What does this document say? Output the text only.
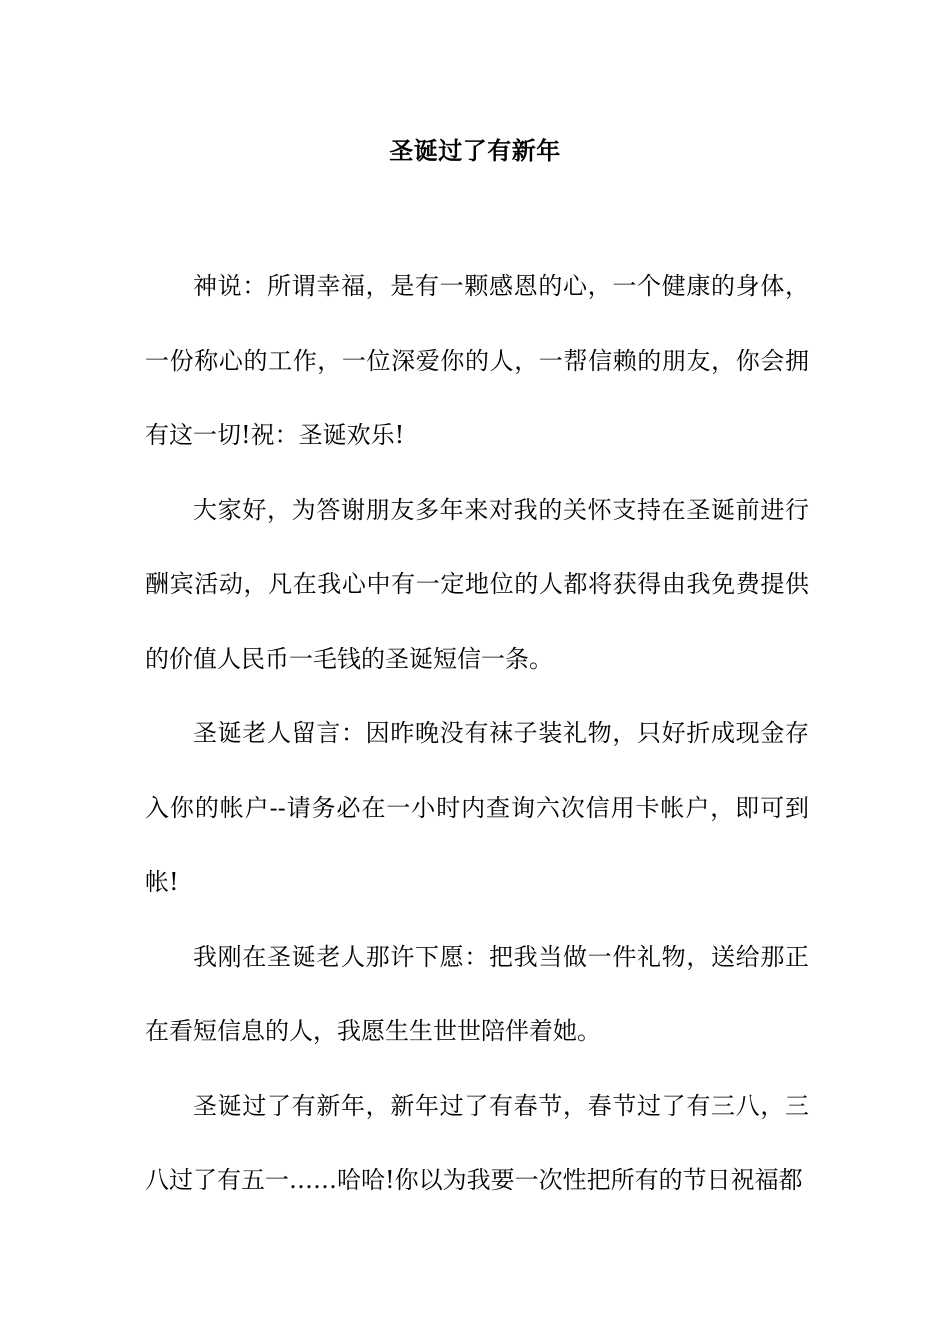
圣诞过了有新年

神说：所谓幸福，是有一颗感恩的心，一个健康的身体，一份称心的工作，一位深爱你的人，一帮信赖的朋友，你会拥有这一切!祝：圣诞欢乐!

大家好，为答谢朋友多年来对我的关怀支持在圣诞前进行酬宾活动，凡在我心中有一定地位的人都将获得由我免费提供的价值人民币一毛钱的圣诞短信一条。

圣诞老人留言：因昨晚没有袜子装礼物，只好折成现金存入你的帐户--请务必在一小时内查询六次信用卡帐户，即可到帐!

我刚在圣诞老人那许下愿：把我当做一件礼物，送给那正在看短信息的人，我愿生生世世陪伴着她。

圣诞过了有新年，新年过了有春节，春节过了有三八，三八过了有五一……哈哈!你以为我要一次性把所有的节日祝福都
